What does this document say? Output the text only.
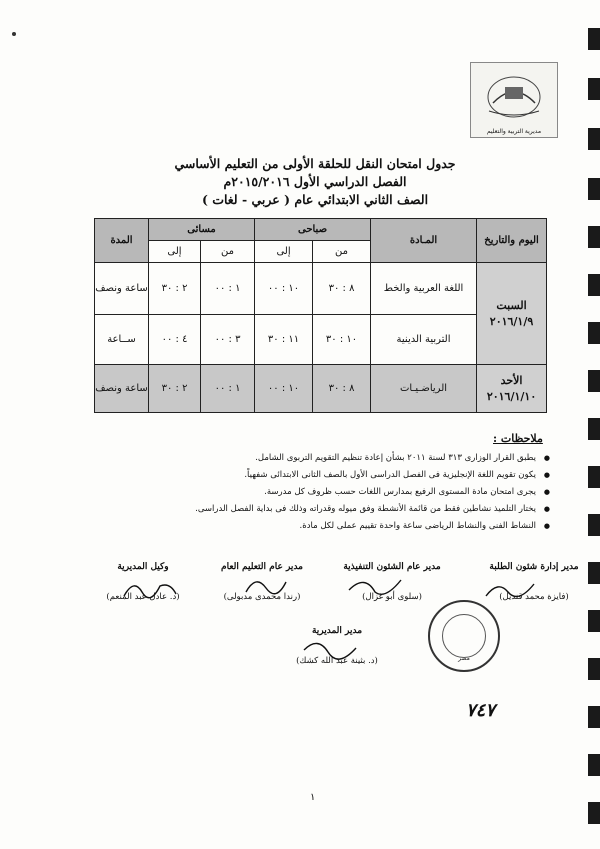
مديرية التربية والتعليم
جدول امتحان النقل للحلقة الأولى من التعليم الأساسي
الفصل الدراسي الأول ٢٠١٥/٢٠١٦م
الصف الثاني الابتدائي عام ( عربي - لغات )
اليوم والتاريخ	المـادة	صباحى		مسائى		المدة
		من	إلى	من	إلى	

السبت
٢٠١٦/١/٩	اللغة العربية والخط	٨ : ٣٠	١٠ : ٠٠	١ : ٠٠	٢ : ٣٠	ساعة ونصف
	التربية الدينية	١٠ : ٣٠	١١ : ٣٠	٣ : ٠٠	٤ : ٠٠	ســاعة

الأحد
٢٠١٦/١/١٠	الرياضـيـات	٨ : ٣٠	١٠ : ٠٠	١ : ٠٠	٢ : ٣٠	ساعة ونصف
ملاحظات :
● يطبق القرار الوزارى ٣١٣ لسنة ٢٠١١ بشأن إعادة تنظيم التقويم التربوى الشامل.
● يكون تقويم اللغة الإنجليزية فى الفصل الدراسى الأول بالصف الثانى الابتدائى شفهياً.
● يجرى امتحان مادة المستوى الرفيع بمدارس اللغات حسب ظروف كل مدرسة.
● يختار التلميذ نشاطين فقط من قائمة الأنشطة وفق ميوله وقدراته وذلك فى بداية الفصل الدراسى.
● النشاط الفنى والنشاط الرياضى ساعة واحدة تقييم عملى لكل مادة.
مدير إدارة شئون الطلبة
(فايزة محمد قنديل)
مدير عام الشئون التنفيذية
(سلوى أبو غزال)
مدير عام التعليم العام
(رندا محمدى مدبولى)
وكيل المديرية
(د. عادل عبد المنعم)
مدير المديرية
(د. بثينة عبد الله كشك)	مصر
٧٤٧
١
